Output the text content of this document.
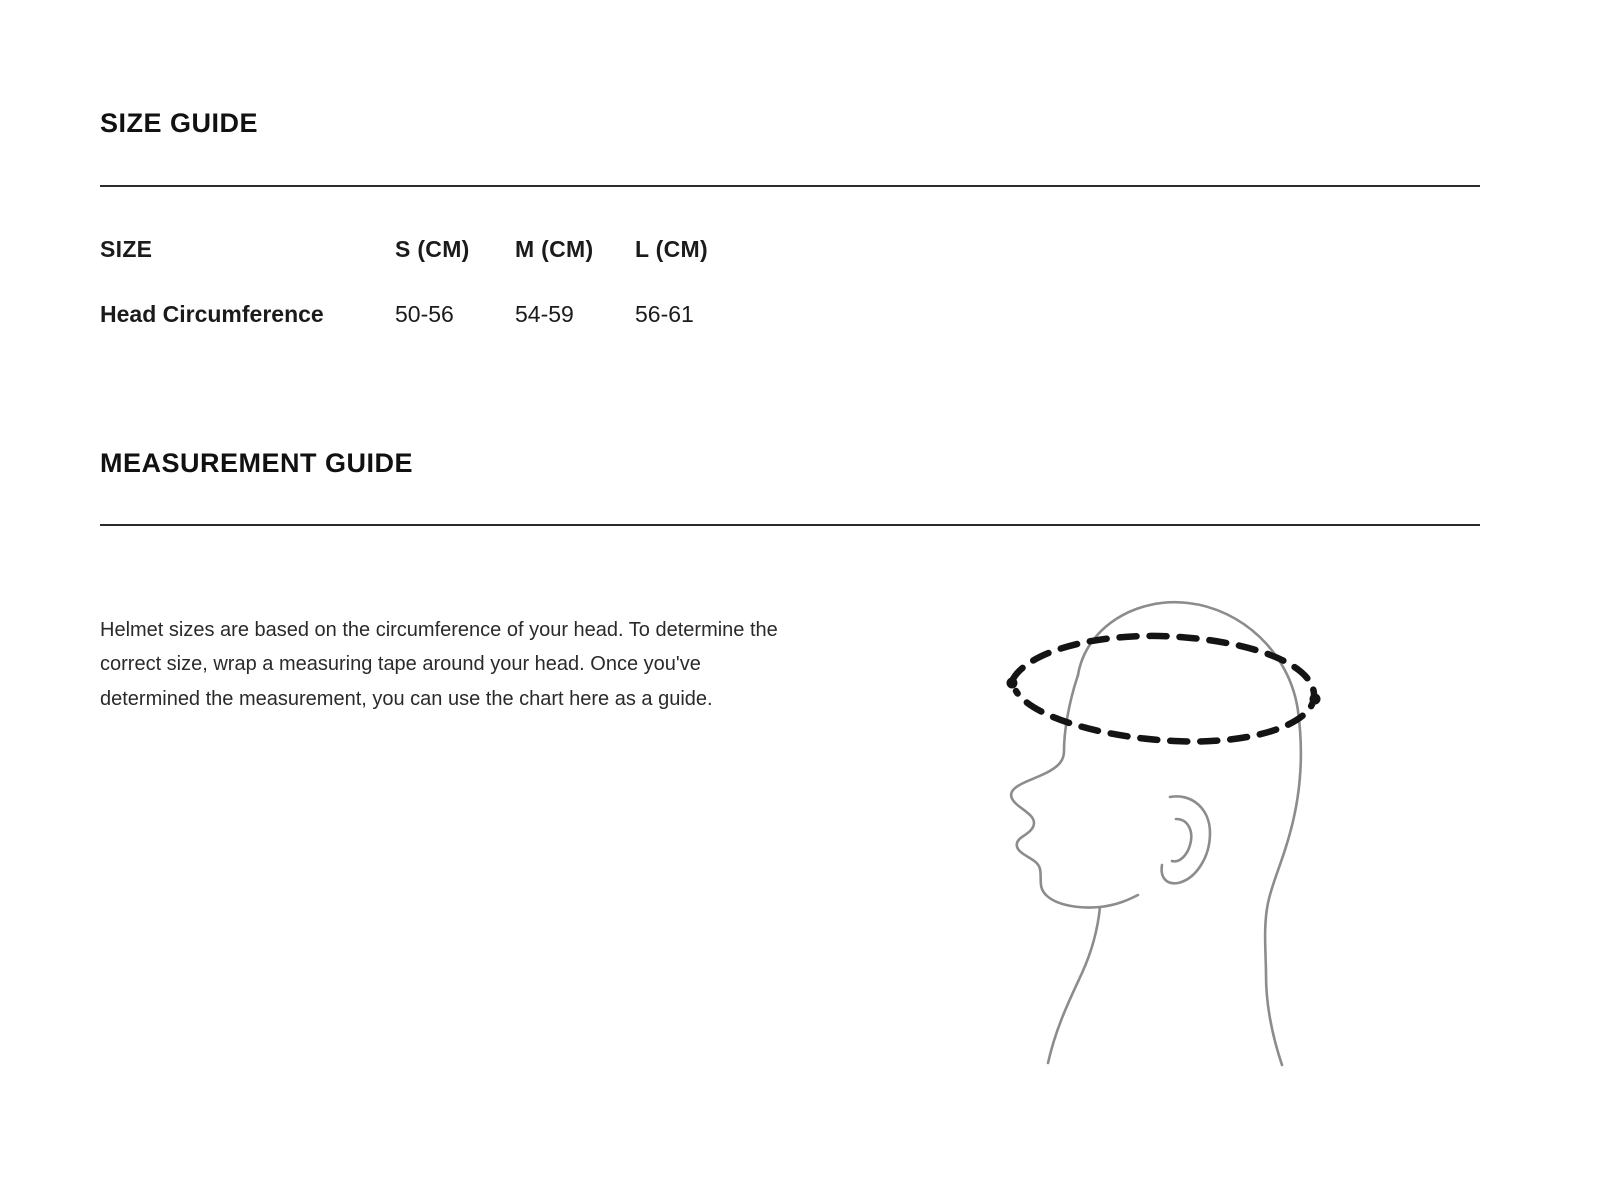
SIZE GUIDE
SIZE	S (CM)	M (CM)	L (CM)
Head Circumference	50-56	54-59	56-61
MEASUREMENT GUIDE

Helmet sizes are based on the circumference of your head. To determine the correct size, wrap a measuring tape around your head. Once you've determined the measurement, you can use the chart here as a guide.
